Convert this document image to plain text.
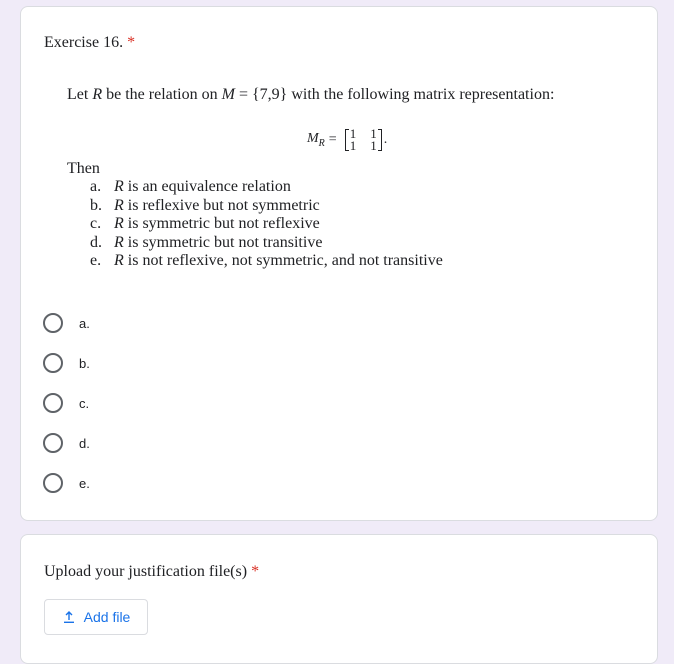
Exercise 16. *

Let R be the relation on M = {7,9} with the following matrix representation:

$M_R = 1$ 1
1 1 .

Then

a. R is an equivalence relation
b. R is reflexive but not symmetric
c. R is symmetric but not reflexive
d. R is symmetric but not transitive
e. R is not reflexive, not symmetric, and not transitive
a.
b.
c.
d.
e.
Upload your justification file(s) *
Add file
